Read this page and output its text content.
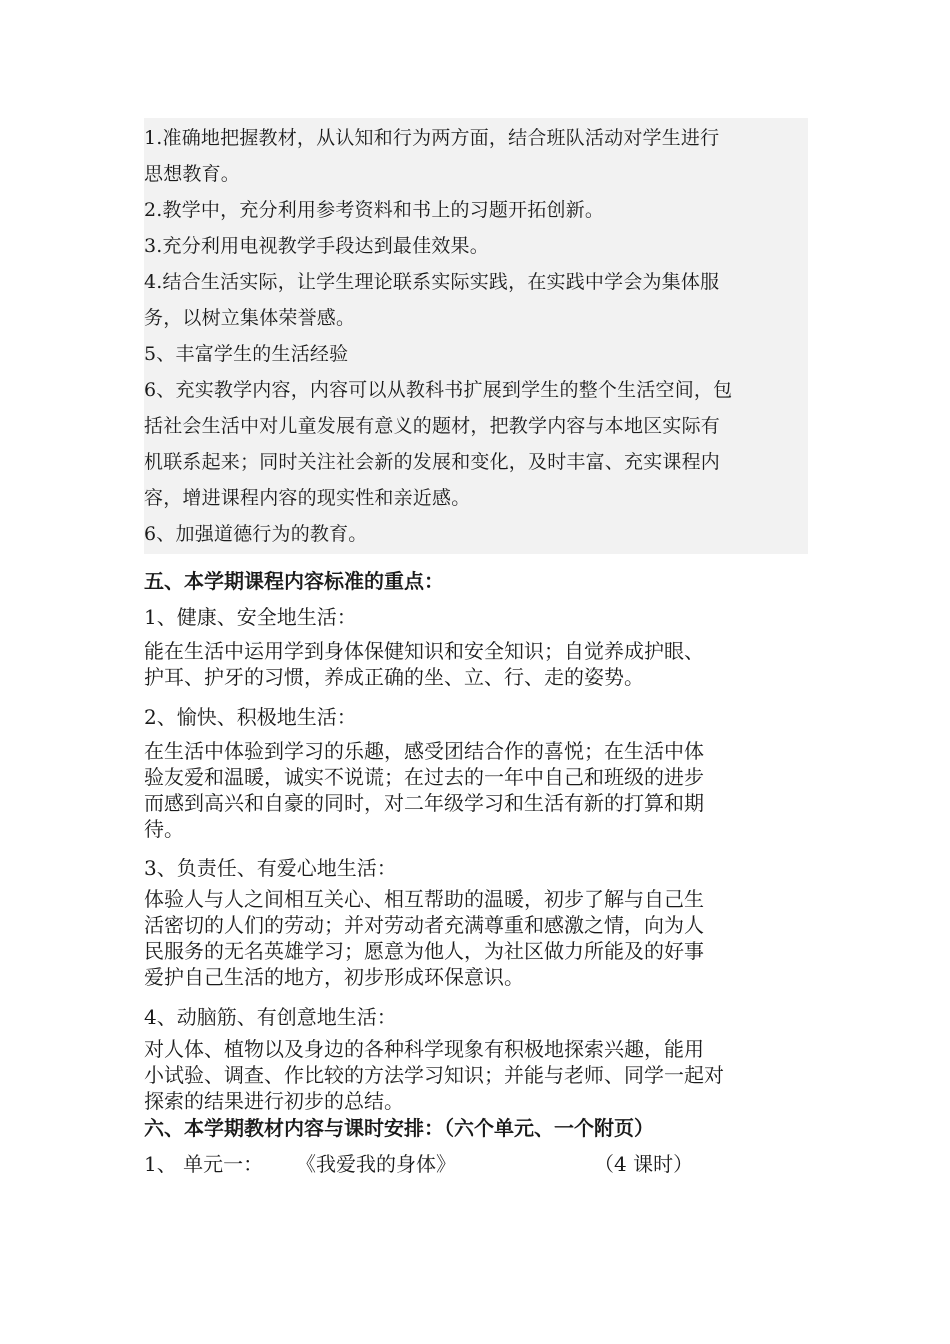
1.准确地把握教材，从认知和行为两方面，结合班队活动对学生进行
思想教育。
2.教学中，充分利用参考资料和书上的习题开拓创新。
3.充分利用电视教学手段达到最佳效果。
4.结合生活实际，让学生理论联系实际实践，在实践中学会为集体服
务，以树立集体荣誉感。
5、丰富学生的生活经验
6、充实教学内容，内容可以从教科书扩展到学生的整个生活空间，包
括社会生活中对儿童发展有意义的题材，把教学内容与本地区实际有
机联系起来；同时关注社会新的发展和变化，及时丰富、充实课程内
容，增进课程内容的现实性和亲近感。
6、加强道德行为的教育。
五、本学期课程内容标准的重点：
1、健康、安全地生活：
能在生活中运用学到身体保健知识和安全知识；自觉养成护眼、
护耳、护牙的习惯，养成正确的坐、立、行、走的姿势。
2、愉快、积极地生活：
在生活中体验到学习的乐趣，感受团结合作的喜悦；在生活中体
验友爱和温暖，诚实不说谎；在过去的一年中自己和班级的进步
而感到高兴和自豪的同时，对二年级学习和生活有新的打算和期
待。
3、负责任、有爱心地生活：
体验人与人之间相互关心、相互帮助的温暖，初步了解与自己生
活密切的人们的劳动；并对劳动者充满尊重和感激之情，向为人
民服务的无名英雄学习；愿意为他人，为社区做力所能及的好事
爱护自己生活的地方，初步形成环保意识。
4、动脑筋、有创意地生活：
对人体、植物以及身边的各种科学现象有积极地探索兴趣，能用
小试验、调查、作比较的方法学习知识；并能与老师、同学一起对
探索的结果进行初步的总结。
六、本学期教材内容与课时安排：（六个单元、一个附页）
1、 单元一： 《我爱我的身体》	（4 课时）
